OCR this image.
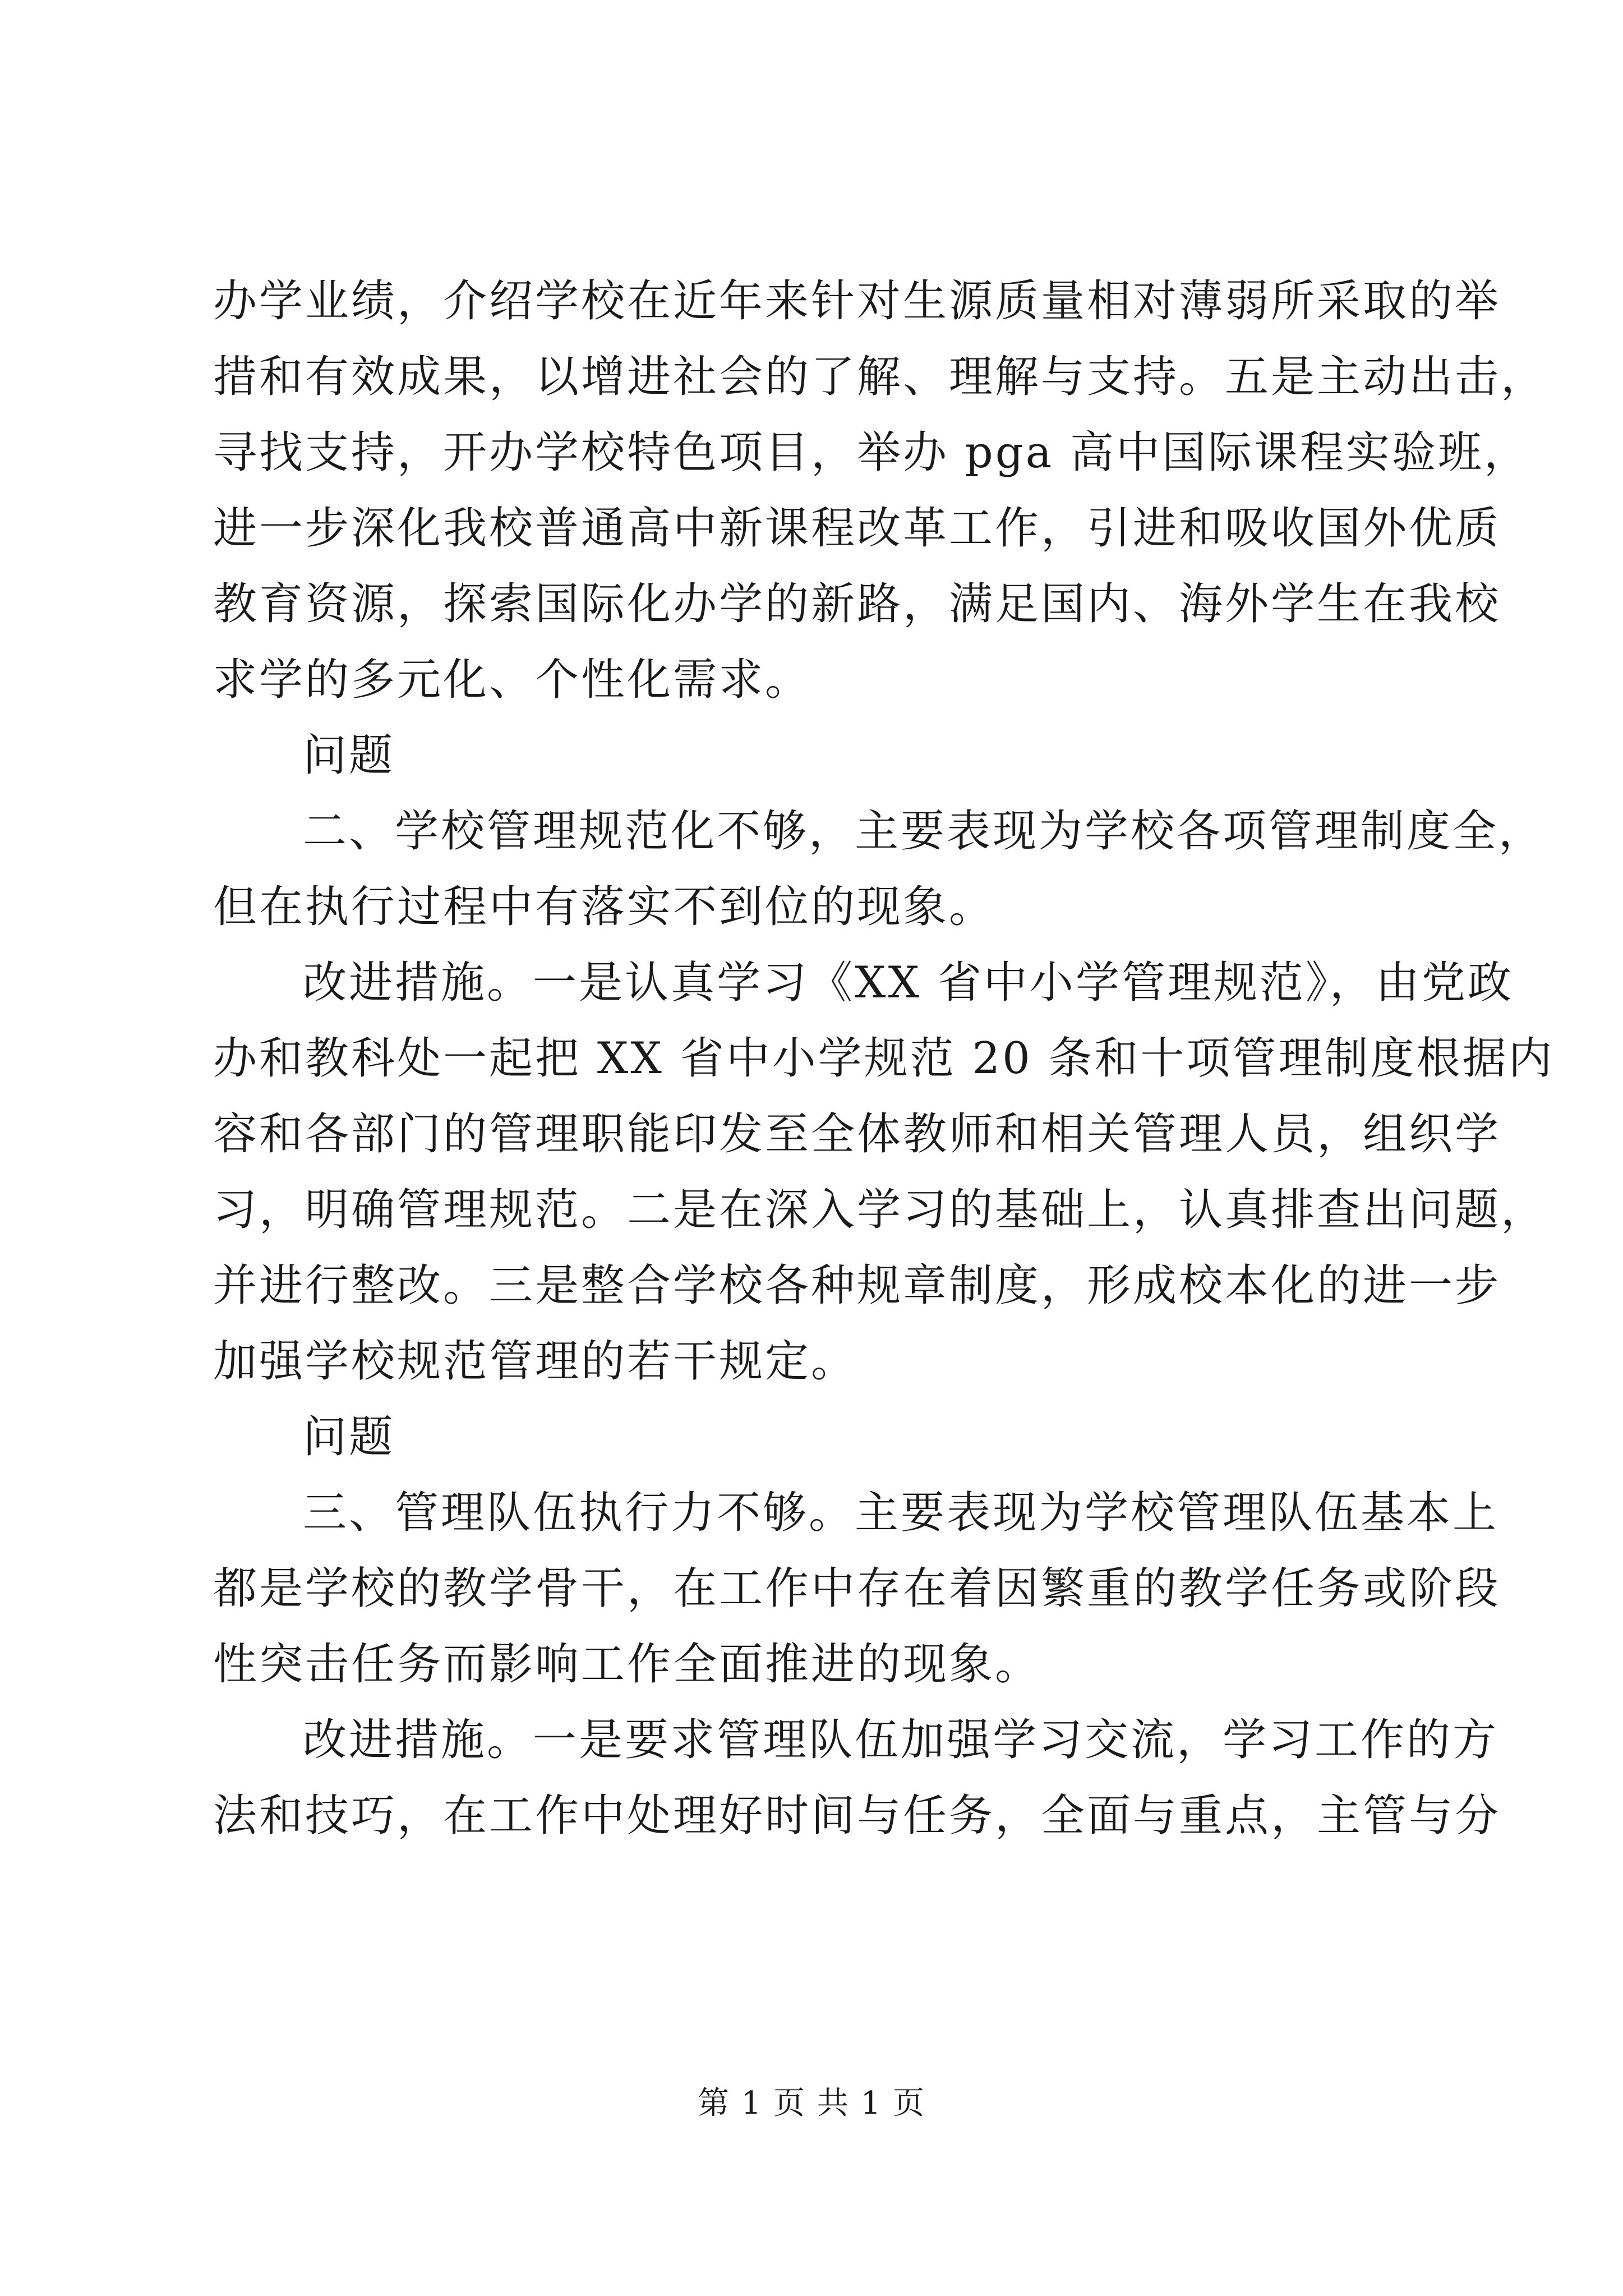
办学业绩，介绍学校在近年来针对生源质量相对薄弱所采取的举
措和有效成果，以增进社会的了解、理解与支持。五是主动出击，
寻找支持，开办学校特色项目，举办 pga 高中国际课程实验班，
进一步深化我校普通高中新课程改革工作，引进和吸收国外优质
教育资源，探索国际化办学的新路，满足国内、海外学生在我校
求学的多元化、个性化需求。
问题
二、学校管理规范化不够，主要表现为学校各项管理制度全，
但在执行过程中有落实不到位的现象。
改进措施。一是认真学习《XX 省中小学管理规范》，由党政
办和教科处一起把 XX 省中小学规范 20 条和十项管理制度根据内
容和各部门的管理职能印发至全体教师和相关管理人员，组织学
习，明确管理规范。二是在深入学习的基础上，认真排查出问题，
并进行整改。三是整合学校各种规章制度，形成校本化的进一步
加强学校规范管理的若干规定。
问题
三、管理队伍执行力不够。主要表现为学校管理队伍基本上
都是学校的教学骨干，在工作中存在着因繁重的教学任务或阶段
性突击任务而影响工作全面推进的现象。
改进措施。一是要求管理队伍加强学习交流，学习工作的方
法和技巧，在工作中处理好时间与任务，全面与重点，主管与分
第 1 页 共 1 页
